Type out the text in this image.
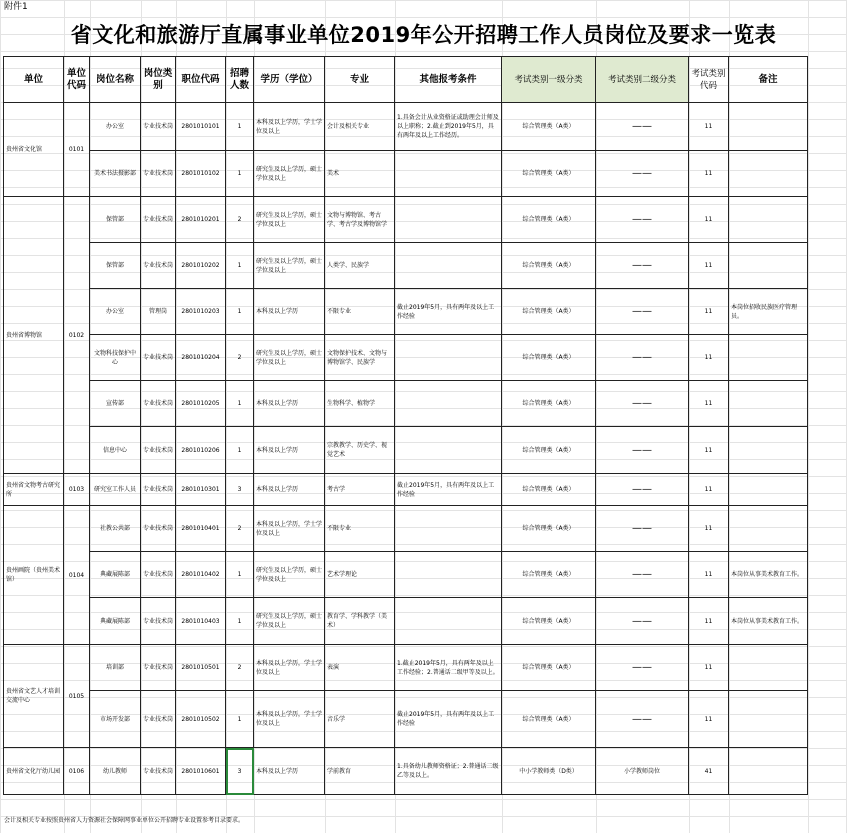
附件1
省文化和旅游厅直属事业单位2019年公开招聘工作人员岗位及要求一览表
单位	单位代码	岗位名称	岗位类别	职位代码	招聘人数	学历（学位）	专业	其他报考条件	考试类别一级分类	考试类别二级分类	考试类别代码	备注
贵州省文化馆	0101	办公室	专业技术岗	2801010101	1	本科及以上学历，学士学位及以上	会计及相关专业	1.具备会计从业资格证或助理会计师及以上职称；2.截止到2019年5月，具有两年及以上工作经历。	综合管理类（A类）	——	11	
		美术书法摄影部	专业技术岗	2801010102	1	研究生及以上学历，硕士学位及以上	美术		综合管理类（A类）	——	11	
贵州省博物馆	0102	保管部	专业技术岗	2801010201	2	研究生及以上学历，硕士学位及以上	文物与博物馆、考古学、考古学及博物馆学		综合管理类（A类）	——	11	
		保管部	专业技术岗	2801010202	1	研究生及以上学历，硕士学位及以上	人类学、民族学		综合管理类（A类）	——	11	
		办公室	管理岗	2801010203	1	本科及以上学历	不限专业	截止2019年5月，具有两年及以上工作经验	综合管理类（A类）	——	11	本岗位招收民族医疗管理员。
		文物科技保护中心	专业技术岗	2801010204	2	研究生及以上学历，硕士学位及以上	文物保护技术、文物与博物馆学、民族学		综合管理类（A类）	——	11	
		宣传部	专业技术岗	2801010205	1	本科及以上学历	生物科学、植物学		综合管理类（A类）	——	11	
		信息中心	专业技术岗	2801010206	1	本科及以上学历	宗教教学、历史学、视觉艺术		综合管理类（A类）	——	11	
贵州省文物考古研究所	0103	研究室工作人员	专业技术岗	2801010301	3	本科及以上学历	考古学	截止2019年5月，具有两年及以上工作经验	综合管理类（A类）	——	11	
贵州画院（贵州美术馆）	0104	社教公共部	专业技术岗	2801010401	2	本科及以上学历，学士学位及以上	不限专业		综合管理类（A类）	——	11	
		典藏展陈部	专业技术岗	2801010402	1	研究生及以上学历，硕士学位及以上	艺术学理论		综合管理类（A类）	——	11	本岗位从事美术教育工作。
		典藏展陈部	专业技术岗	2801010403	1	研究生及以上学历，硕士学位及以上	教育学、学科教学（美术）		综合管理类（A类）	——	11	本岗位从事美术教育工作。
贵州省文艺人才培训交流中心	0105	培训部	专业技术岗	2801010501	2	本科及以上学历，学士学位及以上	表演	1.截止2019年5月，具有两年及以上工作经验；2.普通话二级甲等及以上。	综合管理类（A类）	——	11	
		市场开发部	专业技术岗	2801010502	1	本科及以上学历，学士学位及以上	音乐学	截止2019年5月，具有两年及以上工作经验	综合管理类（A类）	——	11	
贵州省文化厅幼儿园	0106	幼儿教师	专业技术岗	2801010601	3	本科及以上学历	学前教育	1.具备幼儿教师资格证；2.普通话二级乙等及以上。	中小学教师类（D类）	小学教师岗位	41	
会计及相关专业按照贵州省人力资源社会保障网事业单位公开招聘专业设置参考目录要求。
